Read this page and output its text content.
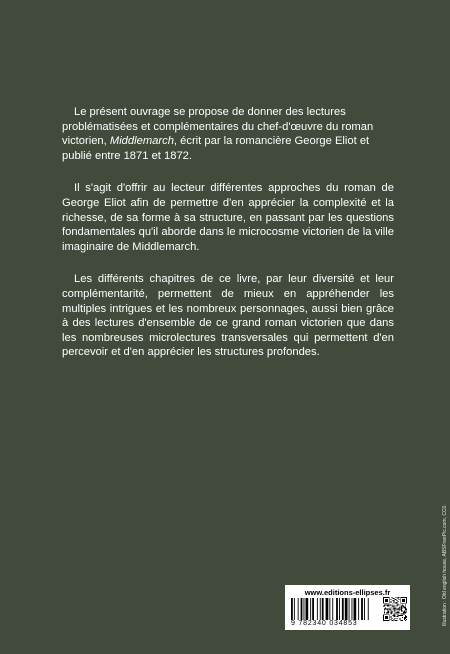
Le présent ouvrage se propose de donner des lectures problématisées et complémentaires du chef-d'œuvre du roman victorien, Middlemarch, écrit par la romancière George Eliot et publié entre 1871 et 1872.

Il s'agit d'offrir au lecteur différentes approches du roman de George Eliot afin de permettre d'en apprécier la complexité et la richesse, de sa forme à sa structure, en passant par les questions fondamentales qu'il aborde dans le microcosme victorien de la ville imaginaire de Middlemarch.

Les différents chapitres de ce livre, par leur diversité et leur complémentarité, permettent de mieux en appréhender les multiples intrigues et les nombreux personnages, aussi bien grâce à des lectures d'ensemble de ce grand roman victorien que dans les nombreuses microlectures transversales qui permettent d'en percevoir et d'en apprécier les structures profondes.

Illustration : Old english house, ABSFreePic.com, CC0.
www.editions-ellipses.fr
9 782340 034853
